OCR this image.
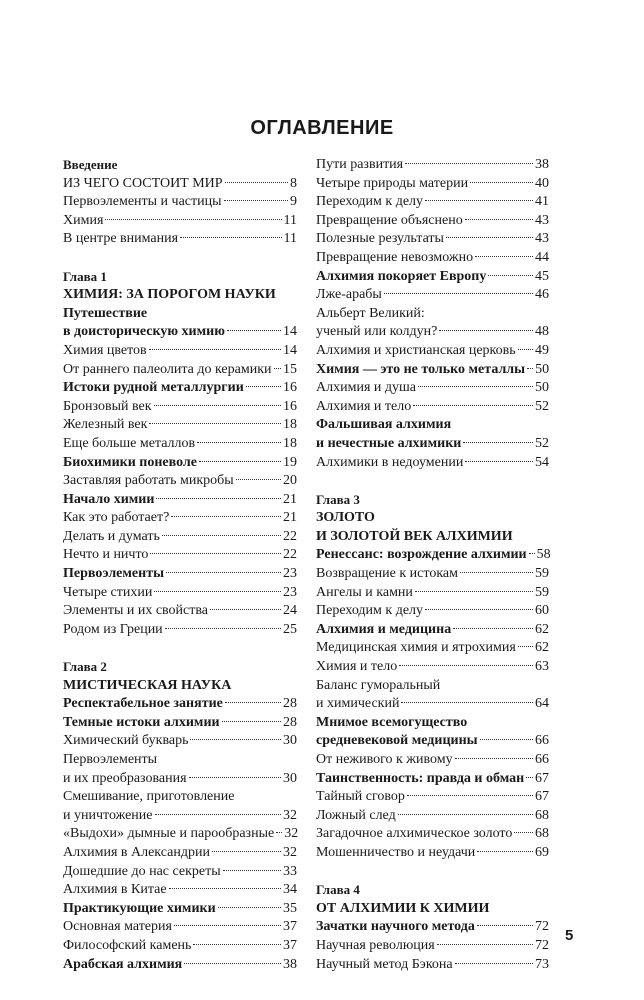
ОГЛАВЛЕНИЕ
Введение
ИЗ ЧЕГО СОСТОИТ МИР	8
Первоэлементы и частицы	9
Химия	11
В центре внимания	11
Глава 1
ХИМИЯ: ЗА ПОРОГОМ НАУКИ
Путешествие
в доисторическую химию	14
Химия цветов	14
От раннего палеолита до керамики 15
Истоки рудной металлургии	16
Бронзовый век	16
Железный век	18
Еще больше металлов	18
Биохимики поневоле	19
Заставляя работать микробы	20
Начало химии	21
Как это работает?	21
Делать и думать	22
Нечто и ничто	22
Первоэлементы	23
Четыре стихии	23
Элементы и их свойства	24
Родом из Греции	25
Глава 2
МИСТИЧЕСКАЯ НАУКА
Респектабельное занятие	28
Темные истоки алхимии	28
Химический букварь	30
Первоэлементы
и их преобразования	30
Смешивание, приготовление
и уничтожение	32
«Выдохи» дымные и парообразные 32
Алхимия в Александрии	32
Дошедшие до нас секреты	33
Алхимия в Китае	34
Практикующие химики	35
Основная материя	37
Философский камень	37
Арабская алхимия	38
Пути развития	38
Четыре природы материи	40
Переходим к делу	41
Превращение объяснено	43
Полезные результаты	43
Превращение невозможно	44
Алхимия покоряет Европу	45
Лже-арабы	46
Альберт Великий:
ученый или колдун?	48
Алхимия и христианская церковь 49
Химия — это не только металлы 50
Алхимия и душа	50
Алхимия и тело	52
Фальшивая алхимия
и нечестные алхимики	52
Алхимики в недоумении	54
Глава 3
ЗОЛОТО
И ЗОЛОТОЙ ВЕК АЛХИМИИ
Ренессанс: возрождение алхимии 58
Возвращение к истокам	59
Ангелы и камни	59
Переходим к делу	60
Алхимия и медицина	62
Медицинская химия и ятрохимия 62
Химия и тело	63
Баланс гуморальный
и химический	64
Мнимое всемогущество
средневековой медицины	66
От неживого к живому	66
Таинственность: правда и обман 67
Тайный сговор	67
Ложный след	68
Загадочное алхимическое золото 68
Мошенничество и неудачи	69
Глава 4
ОТ АЛХИМИИ К ХИМИИ
Зачатки научного метода	72
Научная революция	72
Научный метод Бэкона	73
5
